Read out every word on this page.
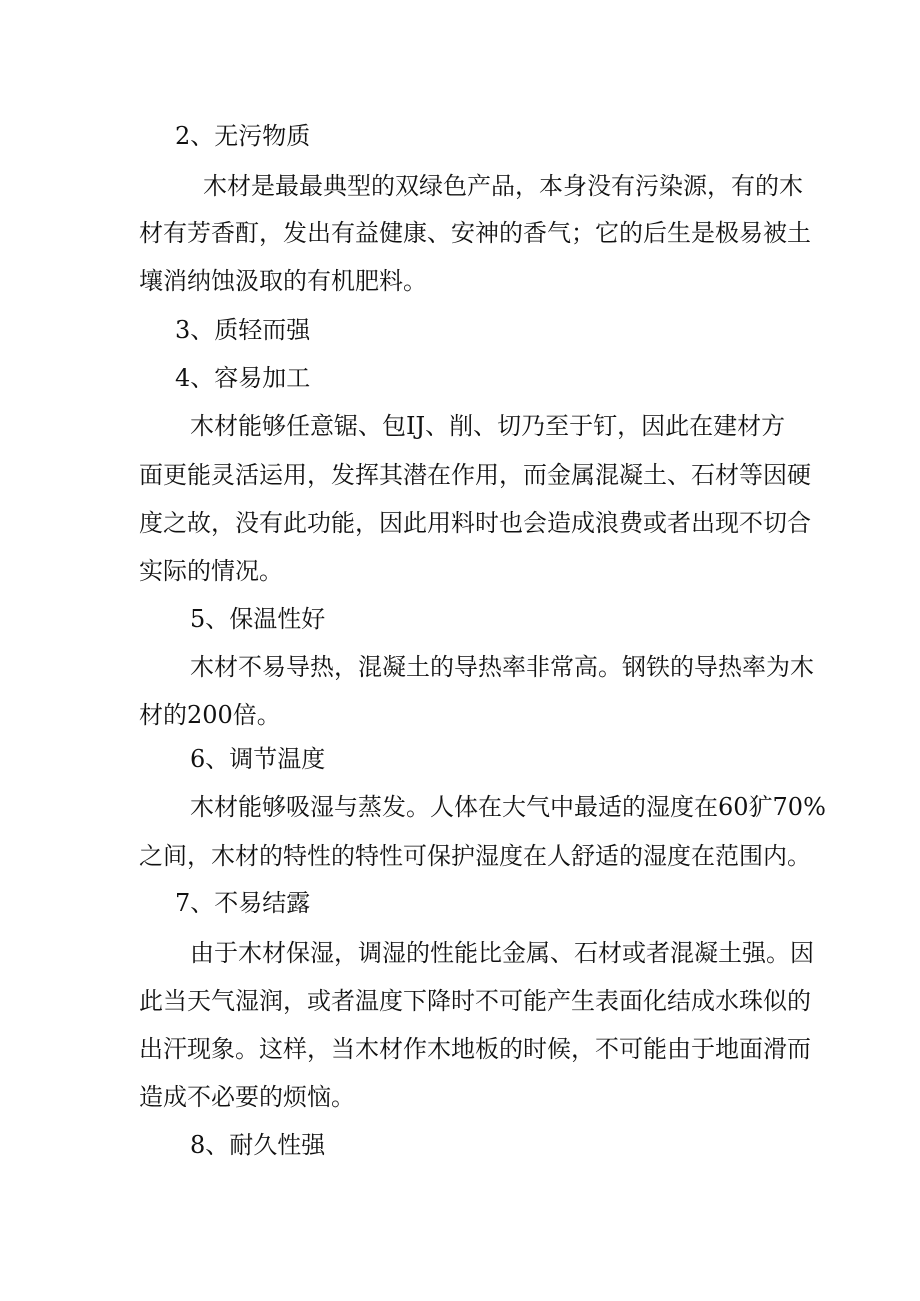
2、无污物质

木材是最最典型的双绿色产品，本身没有污染源，有的木

材有芳香酊，发出有益健康、安神的香气；它的后生是极易被土

壤消纳蚀汲取的有机肥料。

3、质轻而强

4、容易加工

木材能够任意锯、包IJ、削、切乃至于钉，因此在建材方

面更能灵活运用，发挥其潜在作用，而金属混凝土、石材等因硬

度之故，没有此功能，因此用料时也会造成浪费或者出现不切合

实际的情况。

5、保温性好

木材不易导热，混凝土的导热率非常高。钢铁的导热率为木

材的200倍。

6、调节温度

木材能够吸湿与蒸发。人体在大气中最适的湿度在60犷70%

之间，木材的特性的特性可保护湿度在人舒适的湿度在范围内。

7、不易结露

由于木材保湿，调湿的性能比金属、石材或者混凝土强。因

此当天气湿润，或者温度下降时不可能产生表面化结成水珠似的

出汗现象。这样，当木材作木地板的时候，不可能由于地面滑而

造成不必要的烦恼。

8、耐久性强
